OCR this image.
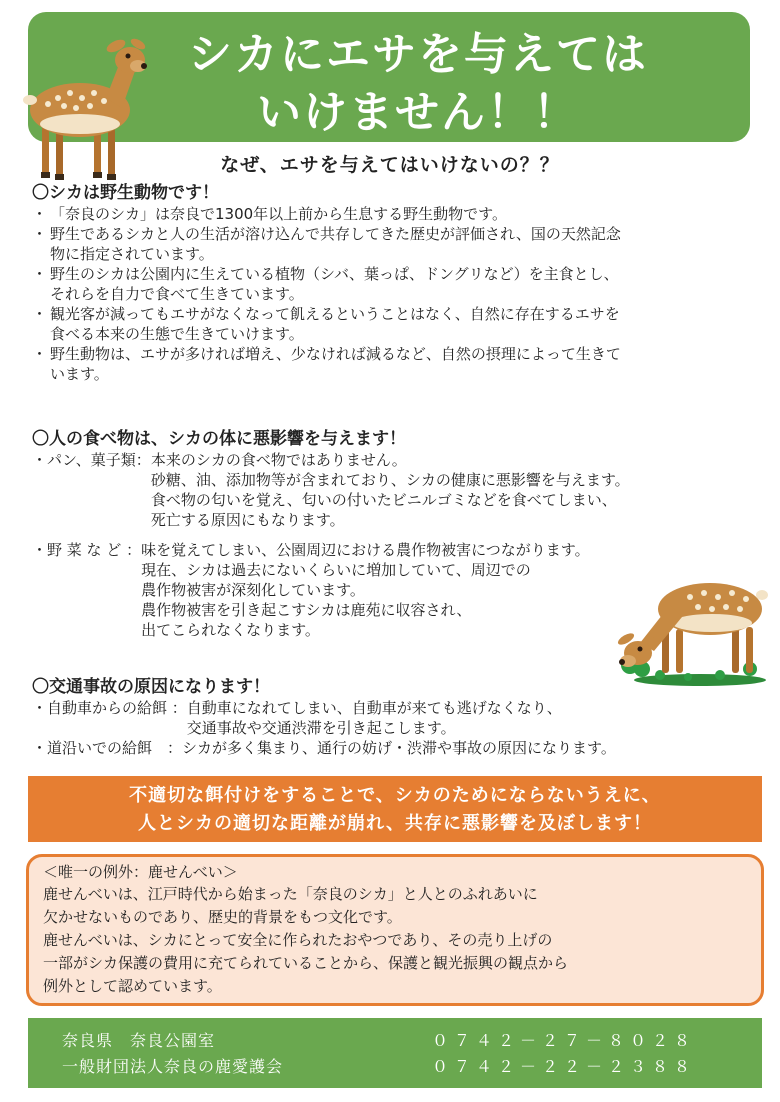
シカにエサを与えては
いけません！！
なぜ、エサを与えてはいけないの？？
〇シカは野生動物です！
・ 「奈良のシカ」は奈良で1300年以上前から生息する野生動物です。
・ 野生であるシカと人の生活が溶け込んで共存してきた歴史が評価され、国の天然記念
物に指定されています。
・ 野生のシカは公園内に生えている植物（シバ、葉っぱ、ドングリなど）を主食とし、
それらを自力で食べて生きています。
・ 観光客が減ってもエサがなくなって飢えるということはなく、自然に存在するエサを
食べる本来の生態で生きていけます。
・ 野生動物は、エサが多ければ増え、少なければ減るなど、自然の摂理によって生きて
います。
〇人の食べ物は、シカの体に悪影響を与えます！
・パン、菓子類： 本来のシカの食べ物ではありません。
砂糖、油、添加物等が含まれており、シカの健康に悪影響を与えます。
食べ物の匂いを覚え、匂いの付いたビニルゴミなどを食べてしまい、
死亡する原因にもなります。
・野 菜 な ど ： 味を覚えてしまい、公園周辺における農作物被害につながります。
現在、シカは過去にないくらいに増加していて、周辺での
農作物被害が深刻化しています。
農作物被害を引き起こすシカは鹿苑に収容され、
出てこられなくなります。
〇交通事故の原因になります！
・自動車からの給餌 ： 自動車になれてしまい、自動車が来ても逃げなくなり、
交通事故や交通渋滞を引き起こします。
・道沿いでの給餌　： シカが多く集まり、通行の妨げ・渋滞や事故の原因になります。
不適切な餌付けをすることで、シカのためにならないうえに、
人とシカの適切な距離が崩れ、共存に悪影響を及ぼします！
＜唯一の例外：鹿せんべい＞
鹿せんべいは、江戸時代から始まった「奈良のシカ」と人とのふれあいに
欠かせないものであり、歴史的背景をもつ文化です。
鹿せんべいは、シカにとって安全に作られたおやつであり、その売り上げの
一部がシカ保護の費用に充てられていることから、保護と観光振興の観点から
例外として認めています。
奈良県　奈良公園室	０７４２－２７－８０２８
一般財団法人奈良の鹿愛護会	０７４２－２２－２３８８
